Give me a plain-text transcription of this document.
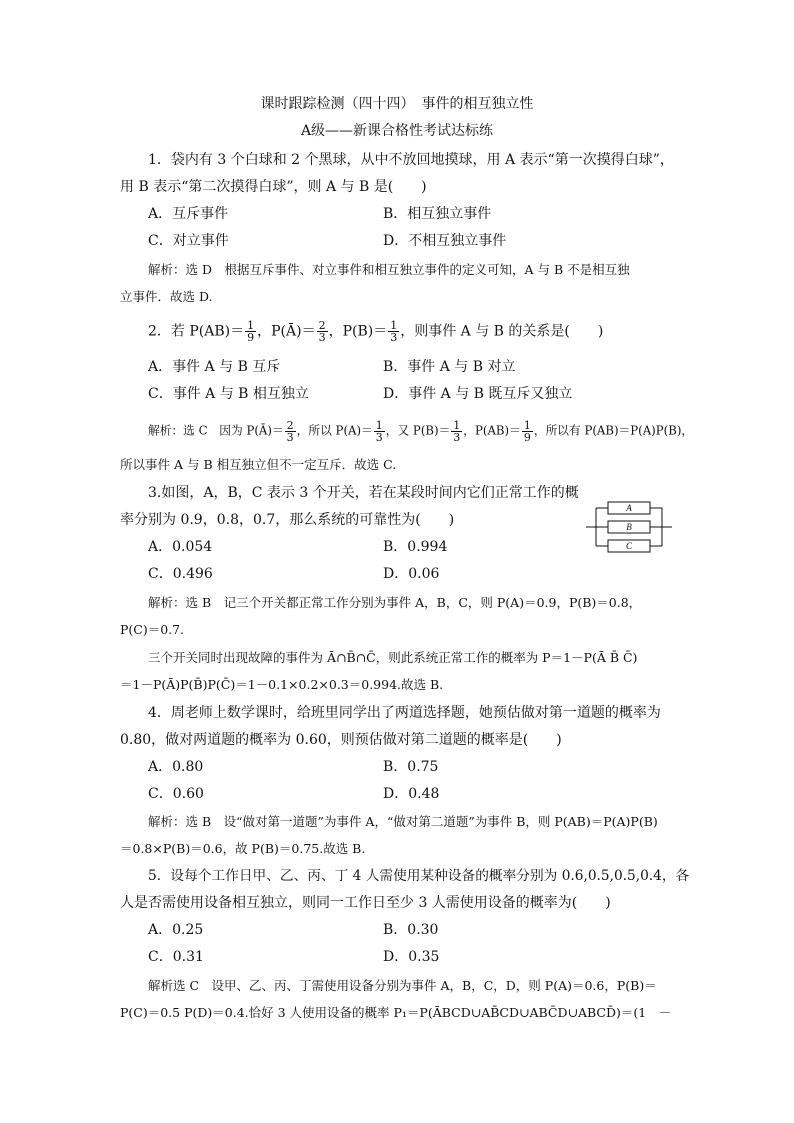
课时跟踪检测（四十四）　事件的相互独立性
A级——新课合格性考试达标练
1．袋内有 3 个白球和 2 个黑球，从中不放回地摸球，用 A 表示“第一次摸得白球”，
用 B 表示“第二次摸得白球”，则 A 与 B 是(　　)
A．互斥事件	B．相互独立事件
C．对立事件	D．不相互独立事件
解析：选 D　根据互斥事件、对立事件和相互独立事件的定义可知，A 与 B 不是相互独
立事件．故选 D.
2．若 $P(AB)= \frac{1}{9}$ ，P(Ā)＝ $\frac{2}{3}$ ，$P(B)= \frac{1}{3}$ ，则事件 A 与 B 的关系是(　　)
A．事件 A 与 B 互斥	B．事件 A 与 B 对立
C．事件 A 与 B 相互独立	D．事件 A 与 B 既互斥又独立
解析：选 C　因为 P(Ā)＝ $\frac{2}{3}$ ，所以 $P(A)= \frac{1}{3}$ ，又 $P(B)= \frac{1}{3}$ ，$P(AB)= \frac{1}{9}$ ，所以有 P(AB)＝P(A)P(B)，
所以事件 A 与 B 相互独立但不一定互斥．故选 C.
3.如图，A，B，C 表示 3 个开关，若在某段时间内它们正常工作的概
率分别为 0.9，0.8，0.7，那么系统的可靠性为(　　)
A．0.054	B．0.994
C．0.496	D．0.06
A
B
C
解析：选 B　记三个开关都正常工作分别为事件 A，B，C，则 P(A)＝0.9，P(B)＝0.8，
P(C)＝0.7.
三个开关同时出现故障的事件为 Ā∩B̄∩C̄，则此系统正常工作的概率为 P＝1－P(Ā B̄ C̄)
＝1－P(Ā)P(B̄)P(C̄)＝1－0.1×0.2×0.3＝0.994.故选 B.
4．周老师上数学课时，给班里同学出了两道选择题，她预估做对第一道题的概率为
0.80，做对两道题的概率为 0.60，则预估做对第二道题的概率是(　　)
A．0.80	B．0.75
C．0.60	D．0.48
解析：选 B　设“做对第一道题”为事件 A，“做对第二道题”为事件 B，则 P(AB)＝P(A)P(B)
＝0.8×P(B)＝0.6，故 P(B)＝0.75.故选 B.
5．设每个工作日甲、乙、丙、丁 4 人需使用某种设备的概率分别为 0.6,0.5,0.5,0.4，各
人是否需使用设备相互独立，则同一工作日至少 3 人需使用设备的概率为(　　)
A．0.25	B．0.30
C．0.31	D．0.35
解析选 C　设甲、乙、丙、丁需使用设备分别为事件 A，B，C，D，则 P(A)＝0.6，P(B)＝
P(C)＝0.5 P(D)＝0.4.恰好 3 人使用设备的概率 P₁＝P(ĀBCD∪AB̄CD∪ABC̄D∪ABCD̄)＝(1　－
